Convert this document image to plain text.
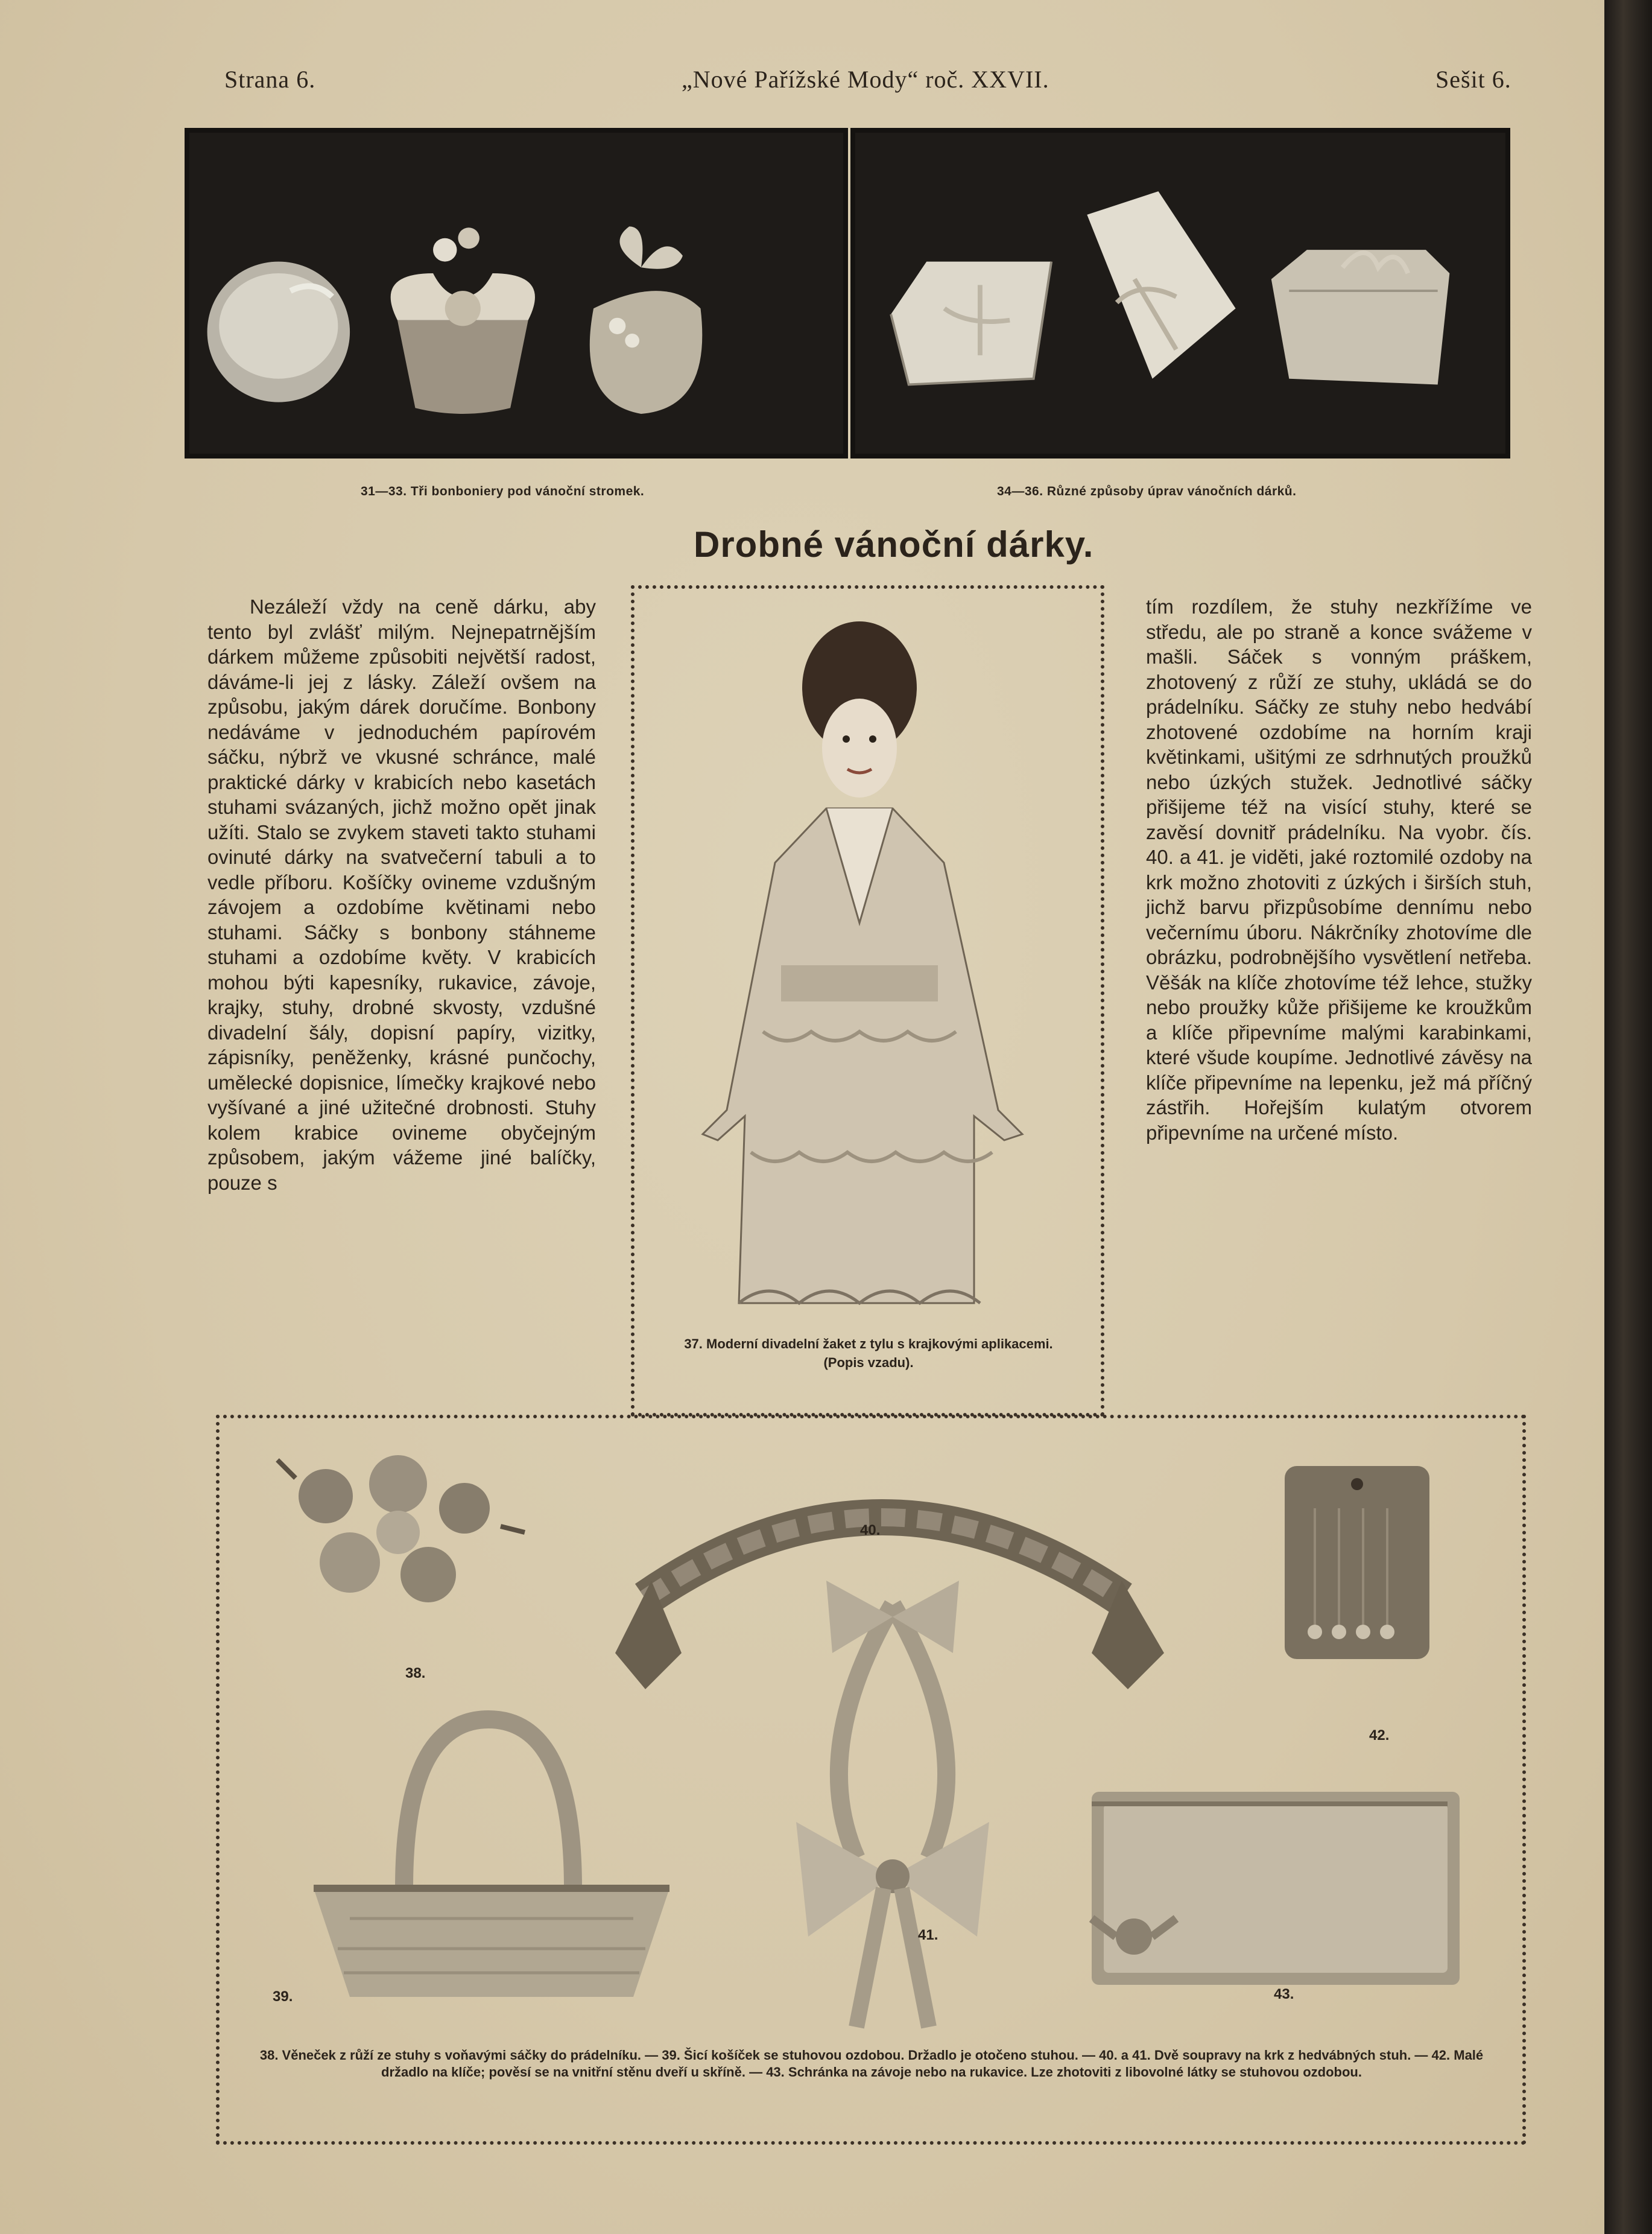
Strana 6.	„Nové Pařížské Mody“ roč. XXVII.	Sešit 6.
31—33. Tři bonboniery pod vánoční stromek.	34—36. Různé způsoby úprav vánočních dárků.
Drobné vánoční dárky.
Nezáleží vždy na ceně dárku, aby tento byl zvlášť milým. Nejnepatrnějším dárkem můžeme způsobiti největší radost, dáváme-li jej z lásky. Záleží ovšem na způsobu, jakým dárek doručíme. Bonbony nedáváme v jednoduchém papírovém sáčku, nýbrž ve vkusné schránce, malé praktické dárky v krabicích nebo kasetách stuhami svázaných, jichž možno opět jinak užíti. Stalo se zvykem staveti takto stuhami ovinuté dárky na svatvečerní tabuli a to vedle příboru. Košíčky ovineme vzdušným závojem a ozdobíme květinami nebo stuhami. Sáčky s bonbony stáhneme stuhami a ozdobíme květy. V krabicích mohou býti kapesníky, rukavice, závoje, krajky, stuhy, drobné skvosty, vzdušné divadelní šály, dopisní papíry, vizitky, zápisníky, peněženky, krásné punčochy, umělecké dopisnice, límečky krajkové nebo vyšívané a jiné užitečné drobnosti. Stuhy kolem krabice ovineme obyčejným způsobem, jakým vážeme jiné balíčky, pouze s
tím rozdílem, že stuhy nezkřížíme ve středu, ale po straně a konce svážeme v mašli. Sáček s vonným práškem, zhotovený z růží ze stuhy, ukládá se do prádelníku. Sáčky ze stuhy nebo hedvábí zhotovené ozdobíme na horním kraji květinkami, ušitými ze sdrhnutých proužků nebo úzkých stužek. Jednotlivé sáčky přišijeme též na visící stuhy, které se zavěsí dovnitř prádelníku. Na vyobr. čís. 40. a 41. je viděti, jaké roztomilé ozdoby na krk možno zhotoviti z úzkých i širších stuh, jichž barvu přizpůsobíme dennímu nebo večernímu úboru. Nákrčníky zhotovíme dle obrázku, podrobnějšího vysvětlení netřeba. Věšák na klíče zhotovíme též lehce, stužky nebo proužky kůže přišijeme ke kroužkům a klíče připevníme malými karabinkami, které všude koupíme. Jednotlivé závěsy na klíče připevníme na lepenku, jež má příčný zástřih. Hořejším kulatým otvorem připevníme na určené místo.
37. Moderní divadelní žaket z tylu s krajkovými aplikacemi. (Popis vzadu).
38.
40.
41.
42.
39.	43.
38. Věneček z růží ze stuhy s voňavými sáčky do prádelníku. — 39. Šicí košíček se stuhovou ozdobou. Držadlo je otočeno stuhou. — 40. a 41. Dvě soupravy na krk z hedvábných stuh. — 42. Malé držadlo na klíče; pověsí se na vnitřní stěnu dveří u skříně. — 43. Schránka na závoje nebo na rukavice. Lze zhotoviti z libovolné látky se stuhovou ozdobou.
